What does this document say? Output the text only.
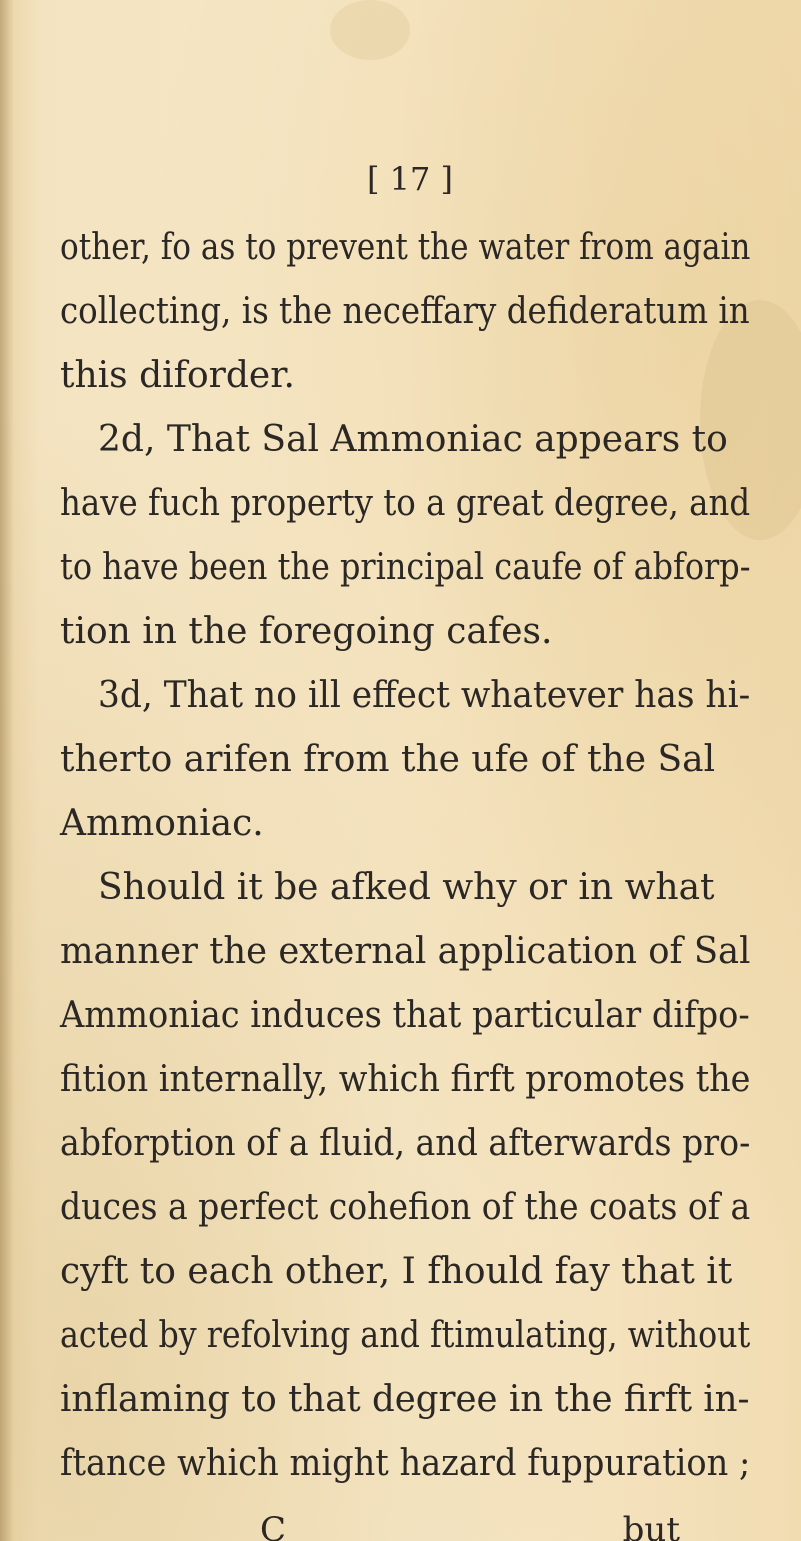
[ 17 ]
other, fo as to prevent the water from again
collecting, is the neceffary defideratum in
this diforder.
2d, That Sal Ammoniac appears to
have fuch property to a great degree, and
to have been the principal caufe of abforp-
tion in the foregoing cafes.
3d, That no ill effect whatever has hi-
therto arifen from the ufe of the Sal
Ammoniac.
Should it be afked why or in what
manner the external application of Sal
Ammoniac induces that particular difpo-
fition internally, which firft promotes the
abforption of a fluid, and afterwards pro-
duces a perfect cohefion of the coats of a
cyft to each other, I fhould fay that it
acted by refolving and ftimulating, without
inflaming to that degree in the firft in-
ftance which might hazard fuppuration ;
C	but
